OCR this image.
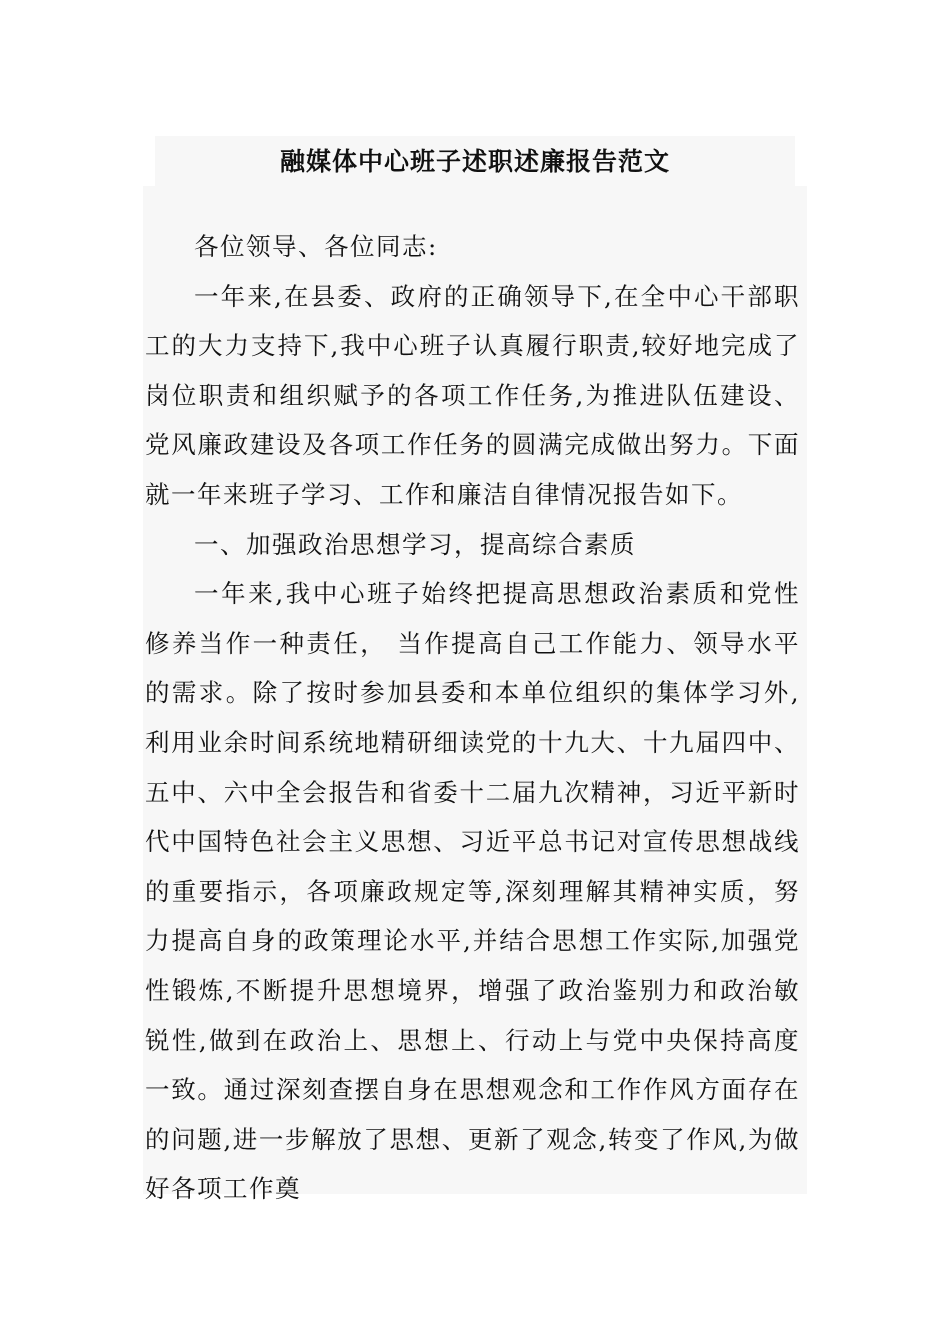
融媒体中心班子述职述廉报告范文

各位领导、各位同志:

一年来,在县委、政府的正确领导下,在全中心干部职工的大力支持下,我中心班子认真履行职责,较好地完成了岗位职责和组织赋予的各项工作任务,为推进队伍建设、党风廉政建设及各项工作任务的圆满完成做出努力。下面就一年来班子学习、工作和廉洁自律情况报告如下。

一、加强政治思想学习，提高综合素质

一年来,我中心班子始终把提高思想政治素质和党性修养当作一种责任， 当作提高自己工作能力、领导水平的需求。除了按时参加县委和本单位组织的集体学习外,利用业余时间系统地精研细读党的十九大、十九届四中、五中、六中全会报告和省委十二届九次精神，习近平新时代中国特色社会主义思想、习近平总书记对宣传思想战线的重要指示，各项廉政规定等,深刻理解其精神实质，努力提高自身的政策理论水平,并结合思想工作实际,加强党性锻炼,不断提升思想境界，增强了政治鉴别力和政治敏锐性,做到在政治上、思想上、行动上与党中央保持高度一致。通过深刻查摆自身在思想观念和工作作风方面存在的问题,进一步解放了思想、更新了观念,转变了作风,为做好各项工作奠
